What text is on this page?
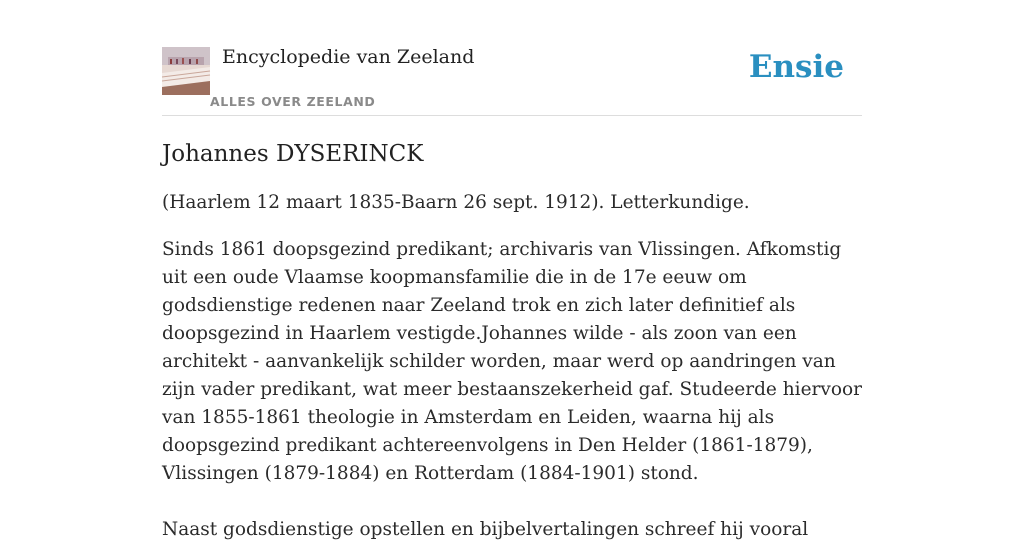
Encyclopedie van Zeeland
ALLES OVER ZEELAND
Ensie
Johannes DYSERINCK

(Haarlem 12 maart 1835-Baarn 26 sept. 1912). Letterkundige.

Sinds 1861 doopsgezind predikant; archivaris van Vlissingen. Afkomstig uit een oude Vlaamse koopmansfamilie die in de 17e eeuw om godsdienstige redenen naar Zeeland trok en zich later definitief als doopsgezind in Haarlem vestigde.Johannes wilde - als zoon van een architekt - aanvankelijk schilder worden, maar werd op aandringen van zijn vader predikant, wat meer bestaanszekerheid gaf. Studeerde hiervoor van 1855-1861 theologie in Amsterdam en Leiden, waarna hij als doopsgezind predikant achtereenvolgens in Den Helder (1861-1879), Vlissingen (1879-1884) en Rotterdam (1884-1901) stond.

Naast godsdienstige opstellen en bijbelvertalingen schreef hij vooral
